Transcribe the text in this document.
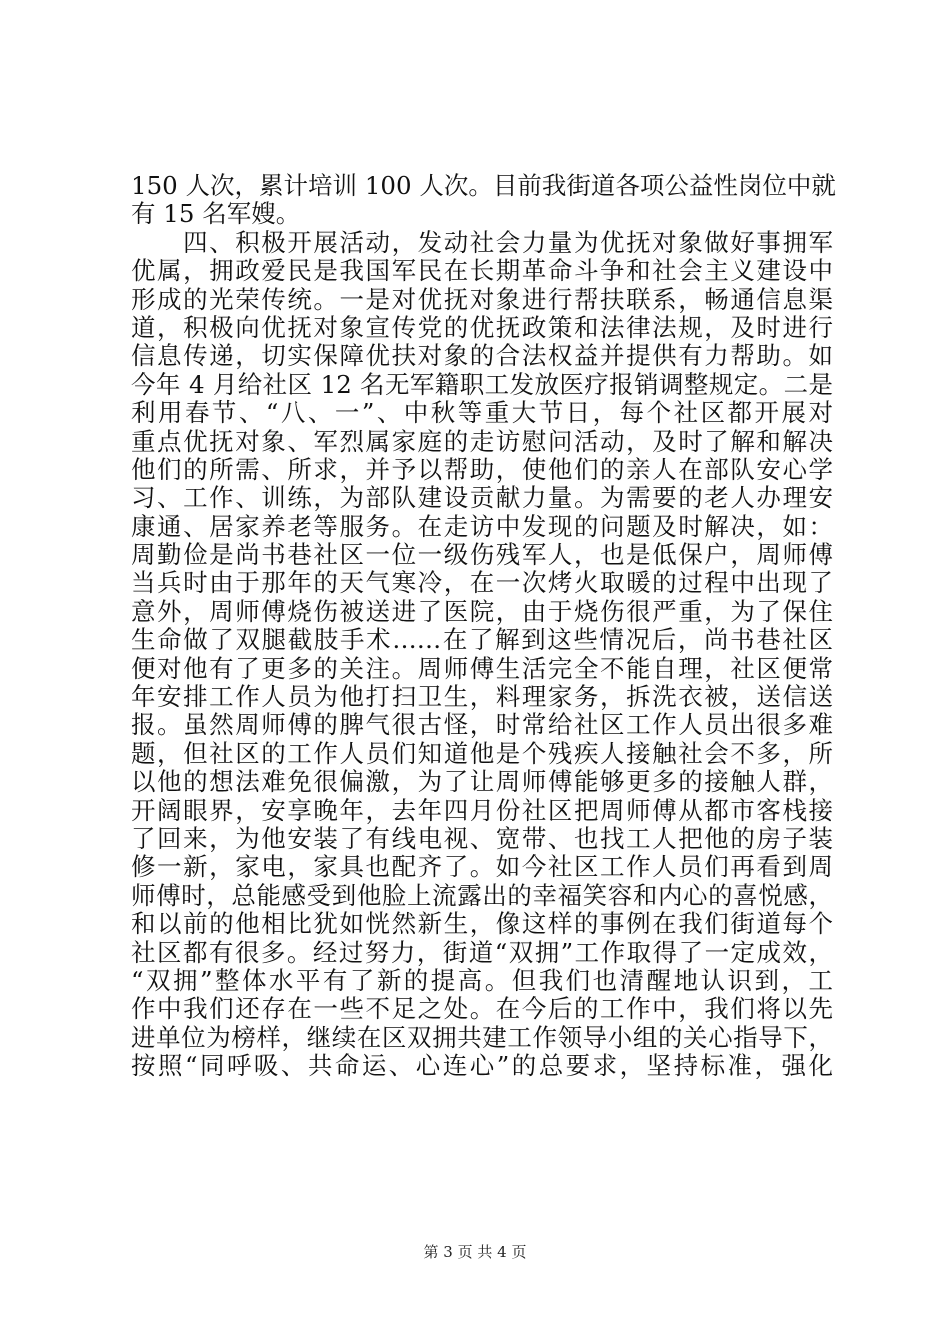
150 人次，累计培训 100 人次。目前我街道各项公益性岗位中就
有 15 名军嫂。
　　四、积极开展活动，发动社会力量为优抚对象做好事拥军
优属，拥政爱民是我国军民在长期革命斗争和社会主义建设中
形成的光荣传统。一是对优抚对象进行帮扶联系，畅通信息渠
道，积极向优抚对象宣传党的优抚政策和法律法规，及时进行
信息传递，切实保障优扶对象的合法权益并提供有力帮助。如
今年 4 月给社区 12 名无军籍职工发放医疗报销调整规定。二是
利用春节、“八、一”、中秋等重大节日，每个社区都开展对
重点优抚对象、军烈属家庭的走访慰问活动，及时了解和解决
他们的所需、所求，并予以帮助，使他们的亲人在部队安心学
习、工作、训练，为部队建设贡献力量。为需要的老人办理安
康通、居家养老等服务。在走访中发现的问题及时解决，如：
周勤俭是尚书巷社区一位一级伤残军人，也是低保户，周师傅
当兵时由于那年的天气寒冷，在一次烤火取暖的过程中出现了
意外，周师傅烧伤被送进了医院，由于烧伤很严重，为了保住
生命做了双腿截肢手术……在了解到这些情况后，尚书巷社区
便对他有了更多的关注。周师傅生活完全不能自理，社区便常
年安排工作人员为他打扫卫生，料理家务，拆洗衣被，送信送
报。虽然周师傅的脾气很古怪，时常给社区工作人员出很多难
题，但社区的工作人员们知道他是个残疾人接触社会不多，所
以他的想法难免很偏激，为了让周师傅能够更多的接触人群，
开阔眼界，安享晚年，去年四月份社区把周师傅从都市客栈接
了回来，为他安装了有线电视、宽带、也找工人把他的房子装
修一新，家电，家具也配齐了。如今社区工作人员们再看到周
师傅时，总能感受到他脸上流露出的幸福笑容和内心的喜悦感，
和以前的他相比犹如恍然新生，像这样的事例在我们街道每个
社区都有很多。经过努力，街道“双拥”工作取得了一定成效，
“双拥”整体水平有了新的提高。但我们也清醒地认识到，工
作中我们还存在一些不足之处。在今后的工作中，我们将以先
进单位为榜样，继续在区双拥共建工作领导小组的关心指导下，
按照“同呼吸、共命运、心连心”的总要求，坚持标准，强化
第 3 页 共 4 页
